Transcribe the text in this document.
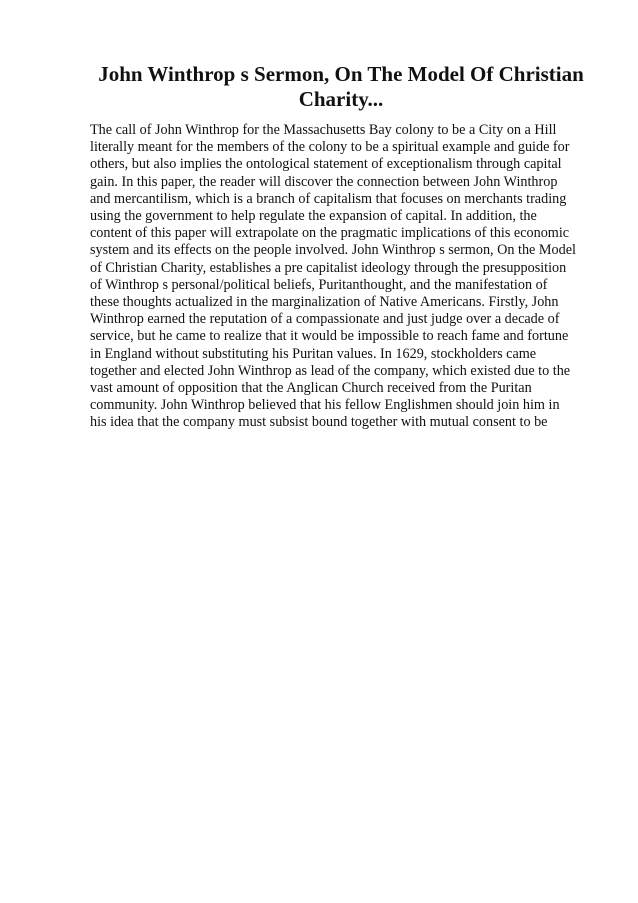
John Winthrop s Sermon, On The Model Of Christian
Charity...
The call of John Winthrop for the Massachusetts Bay colony to be a City on a Hill
literally meant for the members of the colony to be a spiritual example and guide for
others, but also implies the ontological statement of exceptionalism through capital
gain. In this paper, the reader will discover the connection between John Winthrop
and mercantilism, which is a branch of capitalism that focuses on merchants trading
using the government to help regulate the expansion of capital. In addition, the
content of this paper will extrapolate on the pragmatic implications of this economic
system and its effects on the people involved. John Winthrop s sermon, On the Model
of Christian Charity, establishes a pre capitalist ideology through the presupposition
of Winthrop s personal/political beliefs, Puritanthought, and the manifestation of
these thoughts actualized in the marginalization of Native Americans. Firstly, John
Winthrop earned the reputation of a compassionate and just judge over a decade of
service, but he came to realize that it would be impossible to reach fame and fortune
in England without substituting his Puritan values. In 1629, stockholders came
together and elected John Winthrop as lead of the company, which existed due to the
vast amount of opposition that the Anglican Church received from the Puritan
community. John Winthrop believed that his fellow Englishmen should join him in
his idea that the company must subsist bound together with mutual consent to be
